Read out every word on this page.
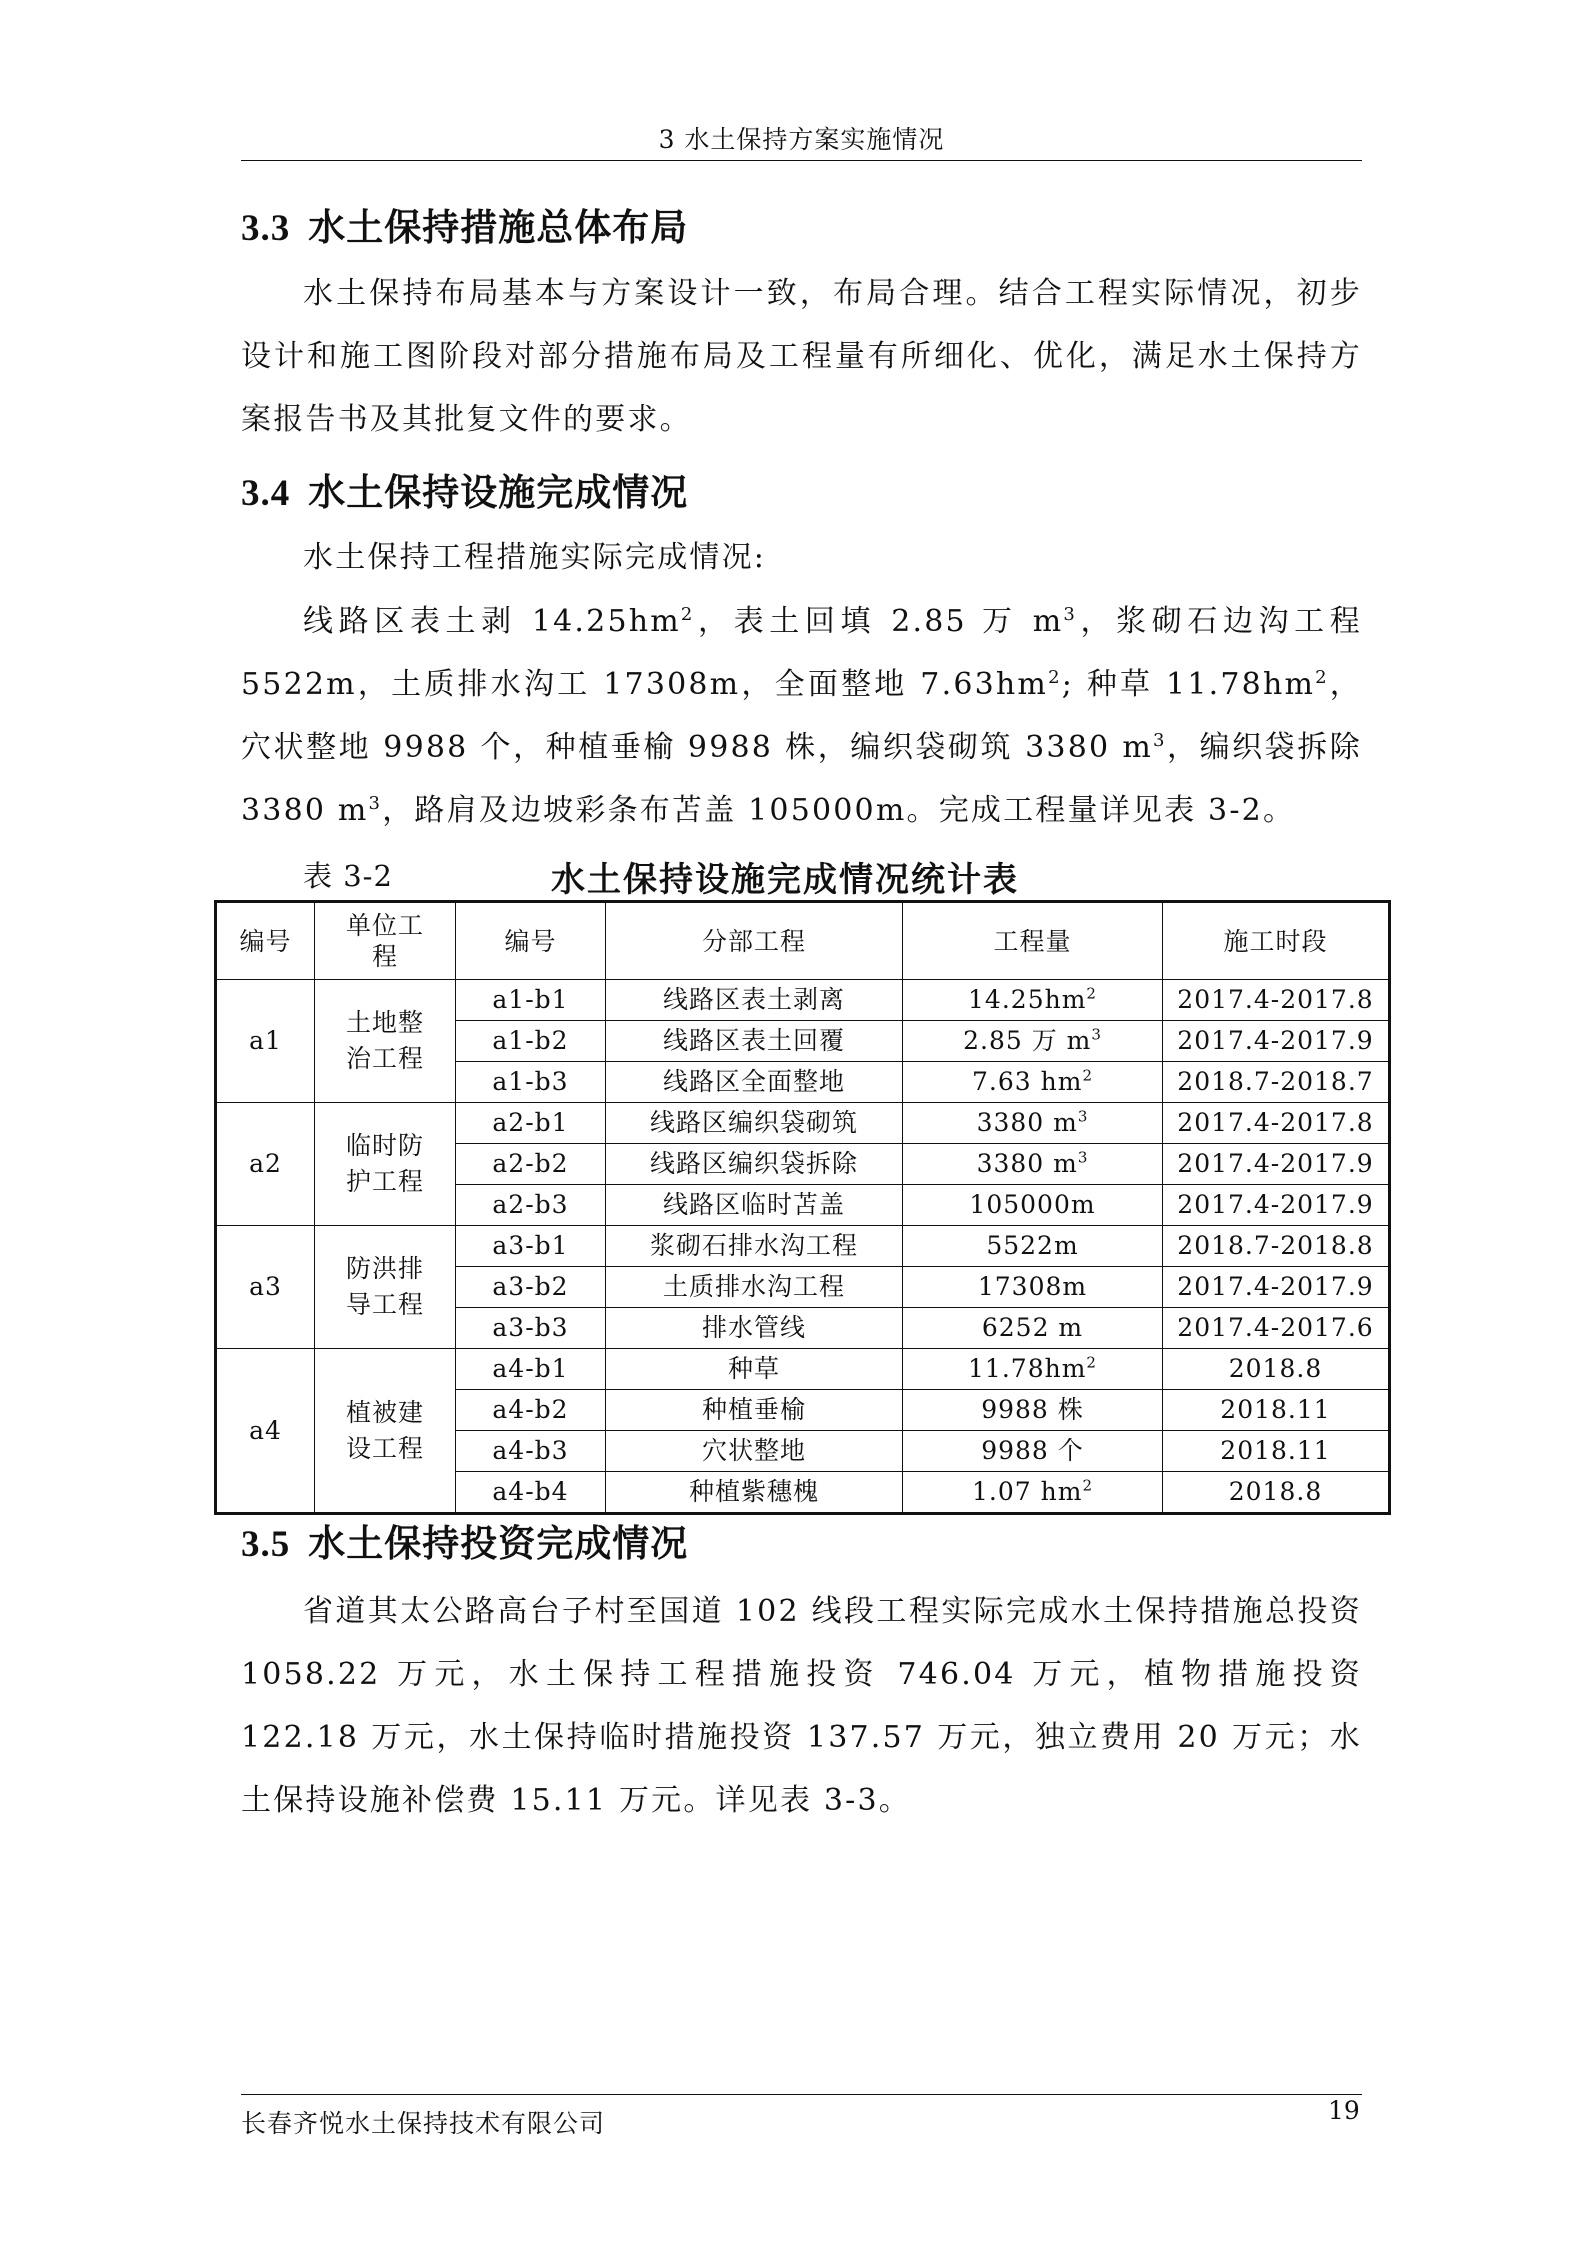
3 水土保持方案实施情况
3.3 水土保持措施总体布局

水土保持布局基本与方案设计一致，布局合理。结合工程实际情况，初步设计和施工图阶段对部分措施布局及工程量有所细化、优化，满足水土保持方案报告书及其批复文件的要求。

3.4 水土保持设施完成情况

水土保持工程措施实际完成情况:

线路区表土剥 $14.25hm^2$，表土回填 2.85 万 $m^3$，浆砌石边沟工程 5522m，土质排水沟工 17308m，全面整地 $7.63hm^2$; 种草 $11.78hm^2$，穴状整地 9988 个，种植垂榆 9988 株，编织袋砌筑 3380 $m^3$，编织袋拆除 3380 $m^3$，路肩及边坡彩条布苫盖 105000m。完成工程量详见表 3-2。

表 3-2	水土保持设施完成情况统计表
编号	单位工程	编号	分部工程	工程量	施工时段
a1	土地整治工程	a1-b1	线路区表土剥离	$14.25hm^2$	2017.4-2017.8
		a1-b2	线路区表土回覆	2.85 万 $m^3$	2017.4-2017.9
		a1-b3	线路区全面整地	7.63 $hm^2$	2018.7-2018.7
a2	临时防护工程	a2-b1	线路区编织袋砌筑	3380 $m^3$	2017.4-2017.8
		a2-b2	线路区编织袋拆除	3380 $m^3$	2017.4-2017.9
		a2-b3	线路区临时苫盖	105000m	2017.4-2017.9
a3	防洪排导工程	a3-b1	浆砌石排水沟工程	5522m	2018.7-2018.8
		a3-b2	土质排水沟工程	17308m	2017.4-2017.9
		a3-b3	排水管线	6252 m	2017.4-2017.6
a4	植被建设工程	a4-b1	种草	$11.78hm^2$	2018.8
		a4-b2	种植垂榆	9988 株	2018.11
		a4-b3	穴状整地	9988 个	2018.11
		a4-b4	种植紫穗槐	1.07 $hm^2$	2018.8
3.5 水土保持投资完成情况

省道其太公路高台子村至国道 102 线段工程实际完成水土保持措施总投资 1058.22 万元，水土保持工程措施投资 746.04 万元，植物措施投资 122.18 万元，水土保持临时措施投资 137.57 万元，独立费用 20 万元；水土保持设施补偿费 15.11 万元。详见表 3-3。

长春齐悦水土保持技术有限公司	19
